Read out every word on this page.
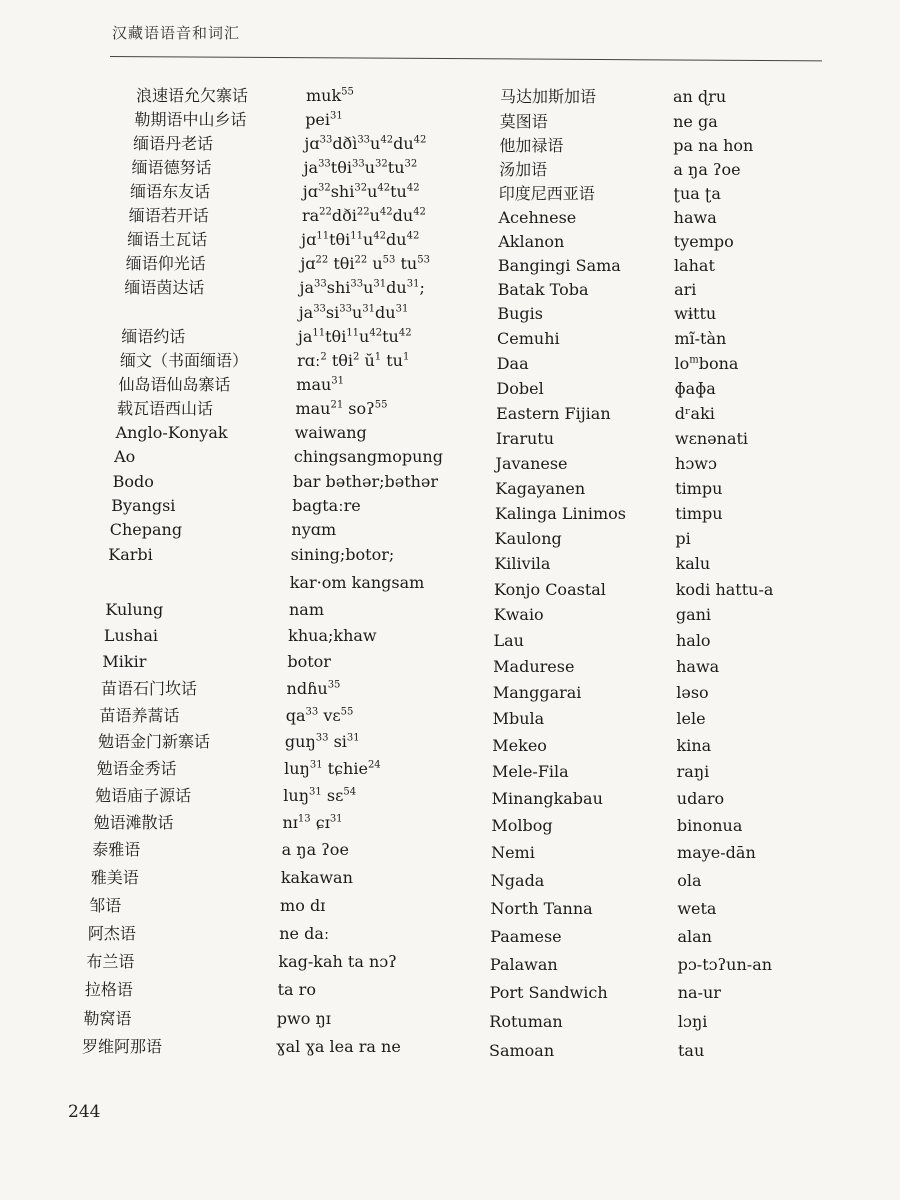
汉藏语语音和词汇
浪速语允欠寨话
勒期语中山乡话
缅语丹老话
缅语德努话
缅语东友话
缅语若开话
缅语土瓦话
缅语仰光话
缅语茵达话
缅语约话
缅文（书面缅语）
仙岛语仙岛寨话
载瓦语西山话
Anglo-Konyak
Ao
Bodo
Byangsi
Chepang
Karbi
Kulung
Lushai
Mikir
苗语石门坎话
苗语养蒿话
勉语金门新寨话
勉语金秀话
勉语庙子源话
勉语滩散话
泰雅语
雅美语
邹语
阿杰语
布兰语
拉格语
勒窝语
罗维阿那语
muk$^{55}$
pei$^{31}$
$jɑ^{33}dðì^{33}u^{42}du^{42}$
$ja^{33}t\theta i^{33}u^{32}tu^{32}$
$jɑ^{32}shi^{32}u^{42}tu^{42}$
$ra^{22}dði^{22}u^{42}du^{42}$
$jɑ^{11}t\theta i^{11}u^{42}du^{42}$
jɑ$^{22}$ tθi$^{22}$ $u^{53}$ $tu^{53}$
$ja^{33}shi^{33}u^{31}du^{31}$;
$ja^{33}si^{33}u^{31}du^{31}$
$ja^{11}t\theta i^{11}u^{42}tu^{42}$
rɑː$^2$ tθi$^2$ $ŭ^1$ $tu^1$
mau$^{31}$
mau$^{21}$ soʔ$^{55}$
waiwang
chingsangmopung
bar bəthər;bəthər
bagtaːre
nyɑm
sining;botor;
kar·om kangsam
nam
khua;khaw
botor
ndɦu$^{35}$
$qa^{33}$ vɛ$^{55}$
guŋ$^{33}$ $si^{31}$
luŋ$^{31}$ tɕhie$^{24}$
luŋ$^{31}$ sɛ$^{54}$
nɪ$^{13}$ ɕɪ$^{31}$
a ŋa ʔoe
kakawan
mo dɪ
ne daː
kag-kah ta nɔʔ
ta ro
pwo ŋɪ
ɣal ɣa lea ra ne
马达加斯加语
莫图语
他加禄语
汤加语
印度尼西亚语
Acehnese
Aklanon
Bangingi Sama
Batak Toba
Bugis
Cemuhi
Daa
Dobel
Eastern Fijian
Irarutu
Javanese
Kagayanen
Kalinga Linimos
Kaulong
Kilivila
Konjo Coastal
Kwaio
Lau
Madurese
Manggarai
Mbula
Mekeo
Mele-Fila
Minangkabau
Molbog
Nemi
Ngada
North Tanna
Paamese
Palawan
Port Sandwich
Rotuman
Samoan
an ɖru
ne ga
pa na hon
a ŋa ʔoe
ʈua ʈa
hawa
tyempo
lahat
ari
wɨttu
mĩ-tàn
$lo^mbona$
ɸaɸa
dʳaki
wɛnənati
hɔwɔ
timpu
timpu
pi
kalu
kodi hattu-a
gani
halo
hawa
ləso
lele
kina
raŋi
udaro
binonua
maye-dān
ola
weta
alan
pɔ-tɔʔun-an
na-ur
lɔŋi
tau
244
